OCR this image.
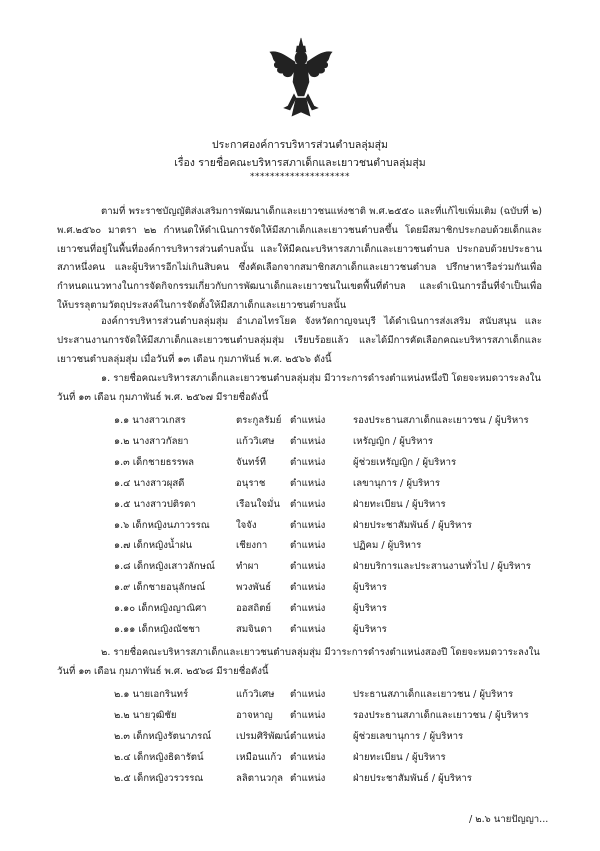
ประกาศองค์การบริหารส่วนตำบลลุ่มสุ่ม
เรื่อง รายชื่อคณะบริหารสภาเด็กและเยาวชนตำบลลุ่มสุ่ม
********************

ตามที่ พระราชบัญญัติส่งเสริมการพัฒนาเด็กและเยาวชนแห่งชาติ พ.ศ.๒๕๕๐ และที่แก้ไขเพิ่มเติม (ฉบับที่ ๒) พ.ศ.๒๕๖๐ มาตรา ๒๒ กำหนดให้ดำเนินการจัดให้มีสภาเด็กและเยาวชนตำบลขึ้น โดยมีสมาชิกประกอบด้วยเด็กและเยาวชนที่อยู่ในพื้นที่องค์การบริหารส่วนตำบลนั้น และให้มีคณะบริหารสภาเด็กและเยาวชนตำบล ประกอบด้วยประธานสภาหนึ่งคน และผู้บริหารอีกไม่เกินสิบคน ซึ่งคัดเลือกจากสมาชิกสภาเด็กและเยาวชนตำบล ปรึกษาหารือร่วมกันเพื่อกำหนดแนวทางในการจัดกิจกรรมเกี่ยวกับการพัฒนาเด็กและเยาวชนในเขตพื้นที่ตำบล และดำเนินการอื่นที่จำเป็นเพื่อให้บรรลุตามวัตถุประสงค์ในการจัดตั้งให้มีสภาเด็กและเยาวชนตำบลนั้น

องค์การบริหารส่วนตำบลลุ่มสุ่ม อำเภอไทรโยค จังหวัดกาญจนบุรี ได้ดำเนินการส่งเสริม สนับสนุน และประสานงานการจัดให้มีสภาเด็กและเยาวชนตำบลลุ่มสุ่ม เรียบร้อยแล้ว และได้มีการคัดเลือกคณะบริหารสภาเด็กและเยาวชนตำบลลุ่มสุ่ม เมื่อวันที่ ๑๓ เดือน กุมภาพันธ์ พ.ศ. ๒๕๖๖ ดังนี้

๑. รายชื่อคณะบริหารสภาเด็กและเยาวชนตำบลลุ่มสุ่ม มีวาระการดำรงตำแหน่งหนึ่งปี โดยจะหมดวาระลงในวันที่ ๑๓ เดือน กุมภาพันธ์ พ.ศ. ๒๕๖๗ มีรายชื่อดังนี้
๑.๑ นางสาวเกสร	ตระกูลรัมย์ ตำแหน่ง	รองประธานสภาเด็กและเยาวชน / ผู้บริหาร
๑.๒ นางสาวกัลยา	แก้ววิเศษ ตำแหน่ง	เหรัญญิก / ผู้บริหาร
๑.๓ เด็กชายธรรพล	จันทร์ที	ตำแหน่ง	ผู้ช่วยเหรัญญิก / ผู้บริหาร
๑.๔ นางสาวผุสดี	อนุราช	ตำแหน่ง	เลขานุการ / ผู้บริหาร
๑.๕ นางสาวปติรดา	เรือนใจมั่น ตำแหน่ง	ฝ่ายทะเบียน / ผู้บริหาร
๑.๖ เด็กหญิงนภาวรรณ	ใจจัง	ตำแหน่ง	ฝ่ายประชาสัมพันธ์ / ผู้บริหาร
๑.๗ เด็กหญิงน้ำฝน	เชียงกา ตำแหน่ง	ปฏิคม / ผู้บริหาร
๑.๘ เด็กหญิงเสาวลักษณ์ ทำผา	ตำแหน่ง	ฝ่ายบริการและประสานงานทั่วไป / ผู้บริหาร
๑.๙ เด็กชายอนุลักษณ์	พวงพันธ์ ตำแหน่ง	ผู้บริหาร
๑.๑๐ เด็กหญิงญาณิศา	ออสถิตย์ ตำแหน่ง	ผู้บริหาร
๑.๑๑ เด็กหญิงณัชชา	สมจินดา ตำแหน่ง	ผู้บริหาร
๒. รายชื่อคณะบริหารสภาเด็กและเยาวชนตำบลลุ่มสุ่ม มีวาระการดำรงตำแหน่งสองปี โดยจะหมดวาระลงในวันที่ ๑๓ เดือน กุมภาพันธ์ พ.ศ. ๒๕๖๘ มีรายชื่อดังนี้
๒.๑ นายเอกรินทร์	แก้ววิเศษ ตำแหน่ง	ประธานสภาเด็กและเยาวชน / ผู้บริหาร
๒.๒ นายวุฒิชัย	อาจหาญ ตำแหน่ง	รองประธานสภาเด็กและเยาวชน / ผู้บริหาร
๒.๓ เด็กหญิงรัตนาภรณ์	เปรมศิริพัฒน์ ตำแหน่ง	ผู้ช่วยเลขานุการ / ผู้บริหาร
๒.๔ เด็กหญิงธิดารัตน์	เหมือนแก้ว ตำแหน่ง	ฝ่ายทะเบียน / ผู้บริหาร
๒.๕ เด็กหญิงวรวรรณ	ลลิตานวกุล ตำแหน่ง	ฝ่ายประชาสัมพันธ์ / ผู้บริหาร
/ ๒.๖ นายปัญญา...
